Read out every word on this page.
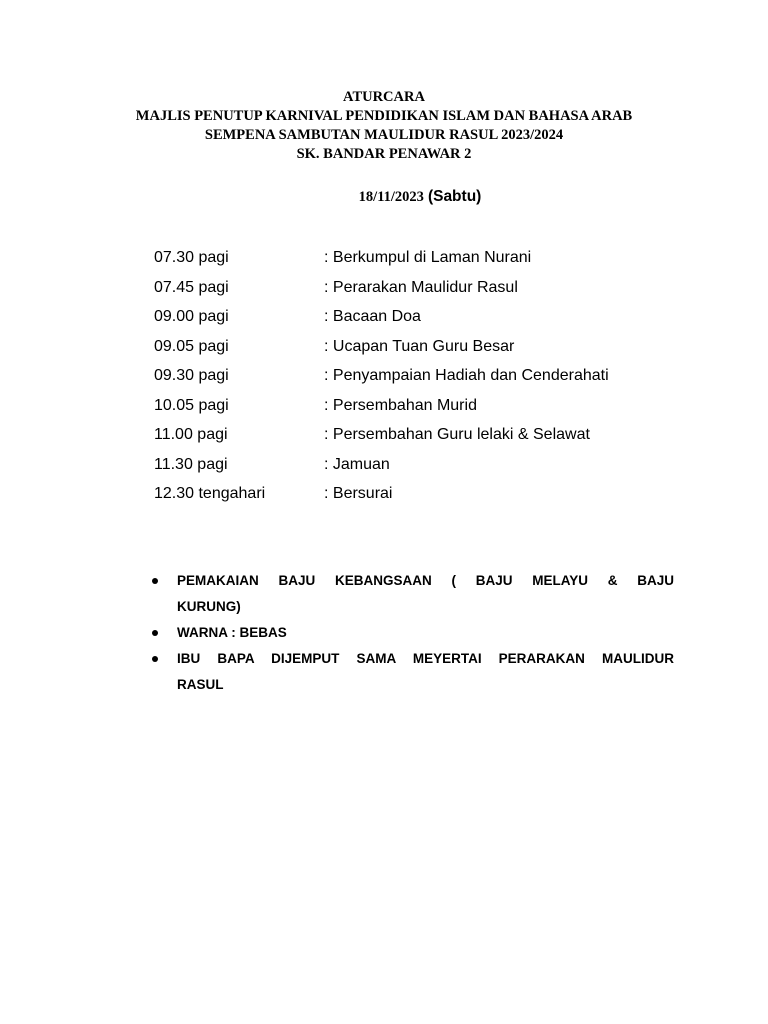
ATURCARA
MAJLIS PENUTUP KARNIVAL PENDIDIKAN ISLAM DAN BAHASA ARAB
SEMPENA SAMBUTAN MAULIDUR RASUL 2023/2024
SK. BANDAR PENAWAR 2
18/11/2023 (Sabtu)
07.30 pagi	: Berkumpul di Laman Nurani
07.45 pagi	: Perarakan Maulidur Rasul
09.00 pagi	: Bacaan Doa
09.05 pagi	: Ucapan Tuan Guru Besar
09.30 pagi	: Penyampaian Hadiah dan Cenderahati
10.05 pagi	: Persembahan Murid
11.00 pagi	: Persembahan Guru lelaki & Selawat
11.30 pagi	: Jamuan
12.30 tengahari	: Bersurai
PEMAKAIAN BAJU KEBANGSAAN ( BAJU MELAYU & BAJU
KURUNG)
WARNA : BEBAS
IBU BAPA DIJEMPUT SAMA MEYERTAI PERARAKAN MAULIDUR
RASUL
